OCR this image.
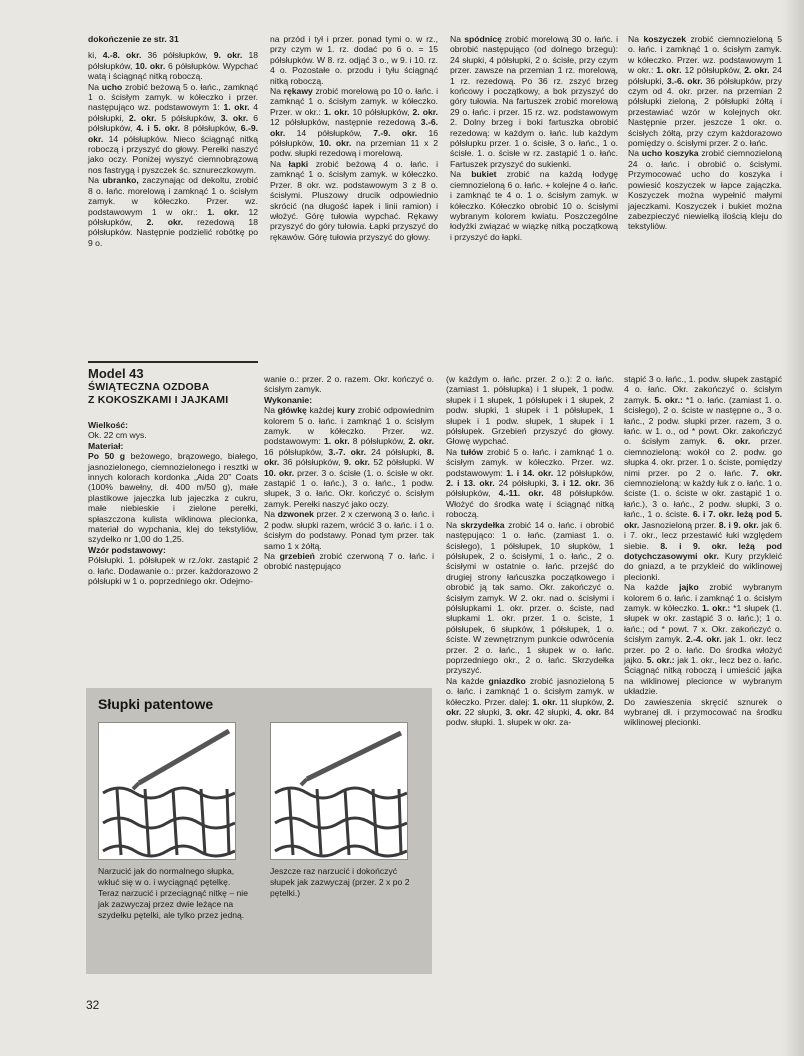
dokończenie ze str. 31

ki, 4.-8. okr. 36 półsłupków, 9. okr. 18 półsłupków, 10. okr. 6 półsłupków. Wypchać watą i ściągnąć nitką roboczą.

Na ucho zrobić beżową 5 o. łańc., zamknąć 1 o. ścisłym zamyk. w kółeczko i przer. następująco wz. podstawowym 1: 1. okr. 4 półsłupki, 2. okr. 5 półsłupków, 3. okr. 6 półsłupków, 4. i 5. okr. 8 półsłupków, 6.-9. okr. 14 półsłupków. Nieco ściągnąć nitką roboczą i przyszyć do głowy. Perełki naszyć jako oczy. Poniżej wyszyć ciemnobrązową nos fastrygą i pyszczek śc. sznureczkowym.

Na ubranko, zaczynając od dekoltu, zrobić 8 o. łańc. morelową i zamknąć 1 o. ścisłym zamyk. w kółeczko. Przer. wz. podstawowym 1 w okr.: 1. okr. 12 półsłupków, 2. okr. rezedową 18 półsłupków. Następnie podzielić robótkę po 9 o.

na przód i tył i przer. ponad tymi o. w rz., przy czym w 1. rz. dodać po 6 o. = 15 półsłupków. W 8. rz. odjąć 3 o., w 9. i 10. rz. 4 o. Pozostałe o. przodu i tyłu ściągnąć nitką roboczą.

Na rękawy zrobić morelową po 10 o. łańc. i zamknąć 1 o. ścisłym zamyk. w kółeczko. Przer. w okr.: 1. okr. 10 półsłupków, 2. okr. 12 półsłupków, następnie rezedową 3.-6. okr. 14 półsłupków, 7.-9. okr. 16 półsłupków, 10. okr. na przemian 11 x 2 podw. słupki rezedową i morelową.

Na łapki zrobić beżową 4 o. łańc. i zamknąć 1 o. ścisłym zamyk. w kółeczko. Przer. 8 okr. wz. podstawowym 3 z 8 o. ścisłymi. Pluszowy drucik odpowiednio skrócić (na długość łapek i linii ramion) i włożyć. Górę tułowia wypchać. Rękawy przyszyć do góry tułowia. Łapki przyszyć do rękawów. Górę tułowia przyszyć do głowy.

Na spódnicę zrobić morelową 30 o. łańc. i obrobić następująco (od dolnego brzegu): 24 słupki, 4 półsłupki, 2 o. ścisłe, przy czym przer. zawsze na przemian 1 rz. morelową, 1 rz. rezedową. Po 36 rz. zszyć brzeg końcowy i początkowy, a bok przyszyć do góry tułowia. Na fartuszek zrobić morelową 29 o. łańc. i przer. 15 rz. wz. podstawowym 2. Dolny brzeg i boki fartuszka obrobić rezedową: w każdym o. łańc. lub każdym półsłupku przer. 1 o. ścisłe, 3 o. łańc., 1 o. ścisłe. 1. o. ścisłe w rz. zastąpić 1 o. łańc. Fartuszek przyszyć do sukienki.

Na bukiet zrobić na każdą łodygę ciemnozieloną 6 o. łańc. + kolejne 4 o. łańc. i zamknąć te 4 o. 1 o. ścisłym zamyk. w kółeczko. Kółeczko obrobić 10 o. ścisłymi wybranym kolorem kwiatu. Poszczególne łodyżki związać w wiązkę nitką początkową i przyszyć do łapki.

Na koszyczek zrobić ciemnozieloną 5 o. łańc. i zamknąć 1 o. ścisłym zamyk. w kółeczko. Przer. wz. podstawowym 1 w okr.: 1. okr. 12 półsłupków, 2. okr. 24 półsłupki, 3.-6. okr. 36 półsłupków, przy czym od 4. okr. przer. na przemian 2 półsłupki zieloną, 2 półsłupki żółtą i przestawiać wzór w kolejnych okr. Następnie przer. jeszcze 1 okr. o. ścisłych żółtą, przy czym każdorazowo pomiędzy o. ścisłymi przer. 2 o. łańc.

Na ucho koszyka zrobić ciemnozieloną 24 o. łańc. i obrobić o. ścisłymi. Przymocować ucho do koszyka i powiesić koszyczek w łapce zajączka. Koszyczek można wypełnić małymi jajeczkami. Koszyczek i bukiet można zabezpieczyć niewielką ilością kleju do tekstyliów.

Model 43
ŚWIĄTECZNA OZDOBA
Z KOKOSZKAMI I JAJKAMI

Wielkość:

Ok. 22 cm wys.

Materiał:

Po 50 g beżowego, brązowego, białego, jasnozielonego, ciemnozielonego i resztki w innych kolorach kordonka „Aida 20” Coats (100% bawełny, dł. 400 m/50 g), małe plastikowe jajeczka lub jajeczka z cukru, małe niebieskie i zielone perełki, spłaszczona kulista wiklinowa plecionka, materiał do wypchania, klej do tekstyliów, szydełko nr 1,00 do 1,25.

Wzór podstawowy:

Półsłupki. 1. półsłupek w rz./okr. zastąpić 2 o. łańc. Dodawanie o.: przer. każdorazowo 2 półsłupki w 1 o. poprzedniego okr. Odejmo-

wanie o.: przer. 2 o. razem. Okr. kończyć o. ścisłym zamyk.

Wykonanie:

Na główkę każdej kury zrobić odpowiednim kolorem 5 o. łańc. i zamknąć 1 o. ścisłym zamyk. w kółeczko. Przer. wz. podstawowym: 1. okr. 8 półsłupków, 2. okr. 16 półsłupków, 3.-7. okr. 24 półsłupki, 8. okr. 36 półsłupków, 9. okr. 52 półsłupki. W 10. okr. przer. 3 o. ścisłe (1. o. ścisłe w okr. zastąpić 1 o. łańc.), 3 o. łańc., 1 podw. słupek, 3 o. łańc. Okr. kończyć o. ścisłym zamyk. Perełki naszyć jako oczy.

Na dzwonek przer. 2 x czerwoną 3 o. łańc. i 2 podw. słupki razem, wrócić 3 o. łańc. i 1 o. ścisłym do podstawy. Ponad tym przer. tak samo 1 x żółtą.

Na grzebień zrobić czerwoną 7 o. łańc. i obrobić następująco

(w każdym o. łańc. przer. 2 o.): 2 o. łańc. (zamiast 1. półsłupka) i 1 słupek, 1 podw. słupek i 1 słupek, 1 półsłupek i 1 słupek, 2 podw. słupki, 1 słupek i 1 półsłupek, 1 słupek i 1 podw. słupek, 1 słupek i 1 półsłupek. Grzebień przyszyć do głowy. Głowę wypchać.

Na tułów zrobić 5 o. łańc. i zamknąć 1 o. ścisłym zamyk. w kółeczko. Przer. wz. podstawowym: 1. i 14. okr. 12 półsłupków, 2. i 13. okr. 24 półsłupki, 3. i 12. okr. 36 półsłupków, 4.-11. okr. 48 półsłupków. Włożyć do środka watę i ściągnąć nitką roboczą.

Na skrzydełka zrobić 14 o. łańc. i obrobić następująco: 1 o. łańc. (zamiast 1. o. ścisłego), 1 półsłupek, 10 słupków, 1 półsłupek, 2 o. ścisłymi, 1 o. łańc., 2 o. ścisłymi w ostatnie o. łańc. przejść do drugiej strony łańcuszka początkowego i obrobić ją tak samo. Okr. zakończyć o. ścisłym zamyk. W 2. okr. nad o. ścisłymi i półsłupkami 1. okr. przer. o. ściste, nad słupkami 1. okr. przer. 1 o. ściste, 1 półsłupek, 6 słupków, 1 półsłupek, 1 o. ściste. W zewnętrznym punkcie odwrócenia przer. 2 o. łańc., 1 słupek w o. łańc. poprzedniego okr., 2 o. łańc. Skrzydełka przyszyć.

Na każde gniazdko zrobić jasnozieloną 5 o. łańc. i zamknąć 1 o. ścisłym zamyk. w kółeczko. Przer. dalej: 1. okr. 11 słupków, 2. okr. 22 słupki, 3. okr. 42 słupki, 4. okr. 84 podw. słupki. 1. słupek w okr. za-

stąpić 3 o. łańc., 1. podw. słupek zastąpić 4 o. łańc. Okr. zakończyć o. ścisłym zamyk. 5. okr.: *1 o. łańc. (zamiast 1. o. ścisłego), 2 o. ściste w następne o., 3 o. łańc., 2 podw. słupki przer. razem, 3 o. łańc. w 1. o., od * powt. Okr. zakończyć o. ścisłym zamyk. 6. okr. przer. ciemnozieloną: wokół co 2. podw. go słupka 4. okr. przer. 1 o. ściste, pomiędzy nimi przer. po 2 o. łańc. 7. okr. ciemnozieloną: w każdy łuk z o. łańc. 1 o. ściste (1. o. ściste w okr. zastąpić 1 o. łańc.), 3 o. łańc., 2 podw. słupki, 3 o. łańc., 1 o. ściste. 6. i 7. okr. leżą pod 5. okr. Jasnozieloną przer. 8. i 9. okr. jak 6. i 7. okr., lecz przestawić łuki względem siebie. 8. i 9. okr. leżą pod dotychczasowymi okr. Kury przykleić do gniazd, a te przykleić do wiklinowej plecionki.

Na każde jajko zrobić wybranym kolorem 6 o. łańc. i zamknąć 1 o. ścisłym zamyk. w kółeczko. 1. okr.: *1 słupek (1. słupek w okr. zastąpić 3 o. łańc.); 1 o. łańc.; od * powt. 7 x. Okr. zakończyć o. ścisłym zamyk. 2.-4. okr. jak 1. okr. lecz przer. po 2 o. łańc. Do środka włożyć jajko. 5. okr.: jak 1. okr., lecz bez o. łańc. Ściągnąć nitką roboczą i umieścić jajka na wiklinowej plecionce w wybranym układzie.

Do zawieszenia skręcić sznurek o wybranej dł. i przymocować na środku wiklinowej plecionki.

Słupki patentowe
Narzucić jak do normalnego słupka, wkłuć się w o. i wyciągnąć pętelkę. Teraz narzucić i przeciągnąć nitkę – nie jak zazwyczaj przez dwie leżące na szydełku pętelki, ale tylko przez jedną.
Jeszcze raz narzucić i dokończyć słupek jak zazwyczaj (przer. 2 x po 2 pętelki.)
32
